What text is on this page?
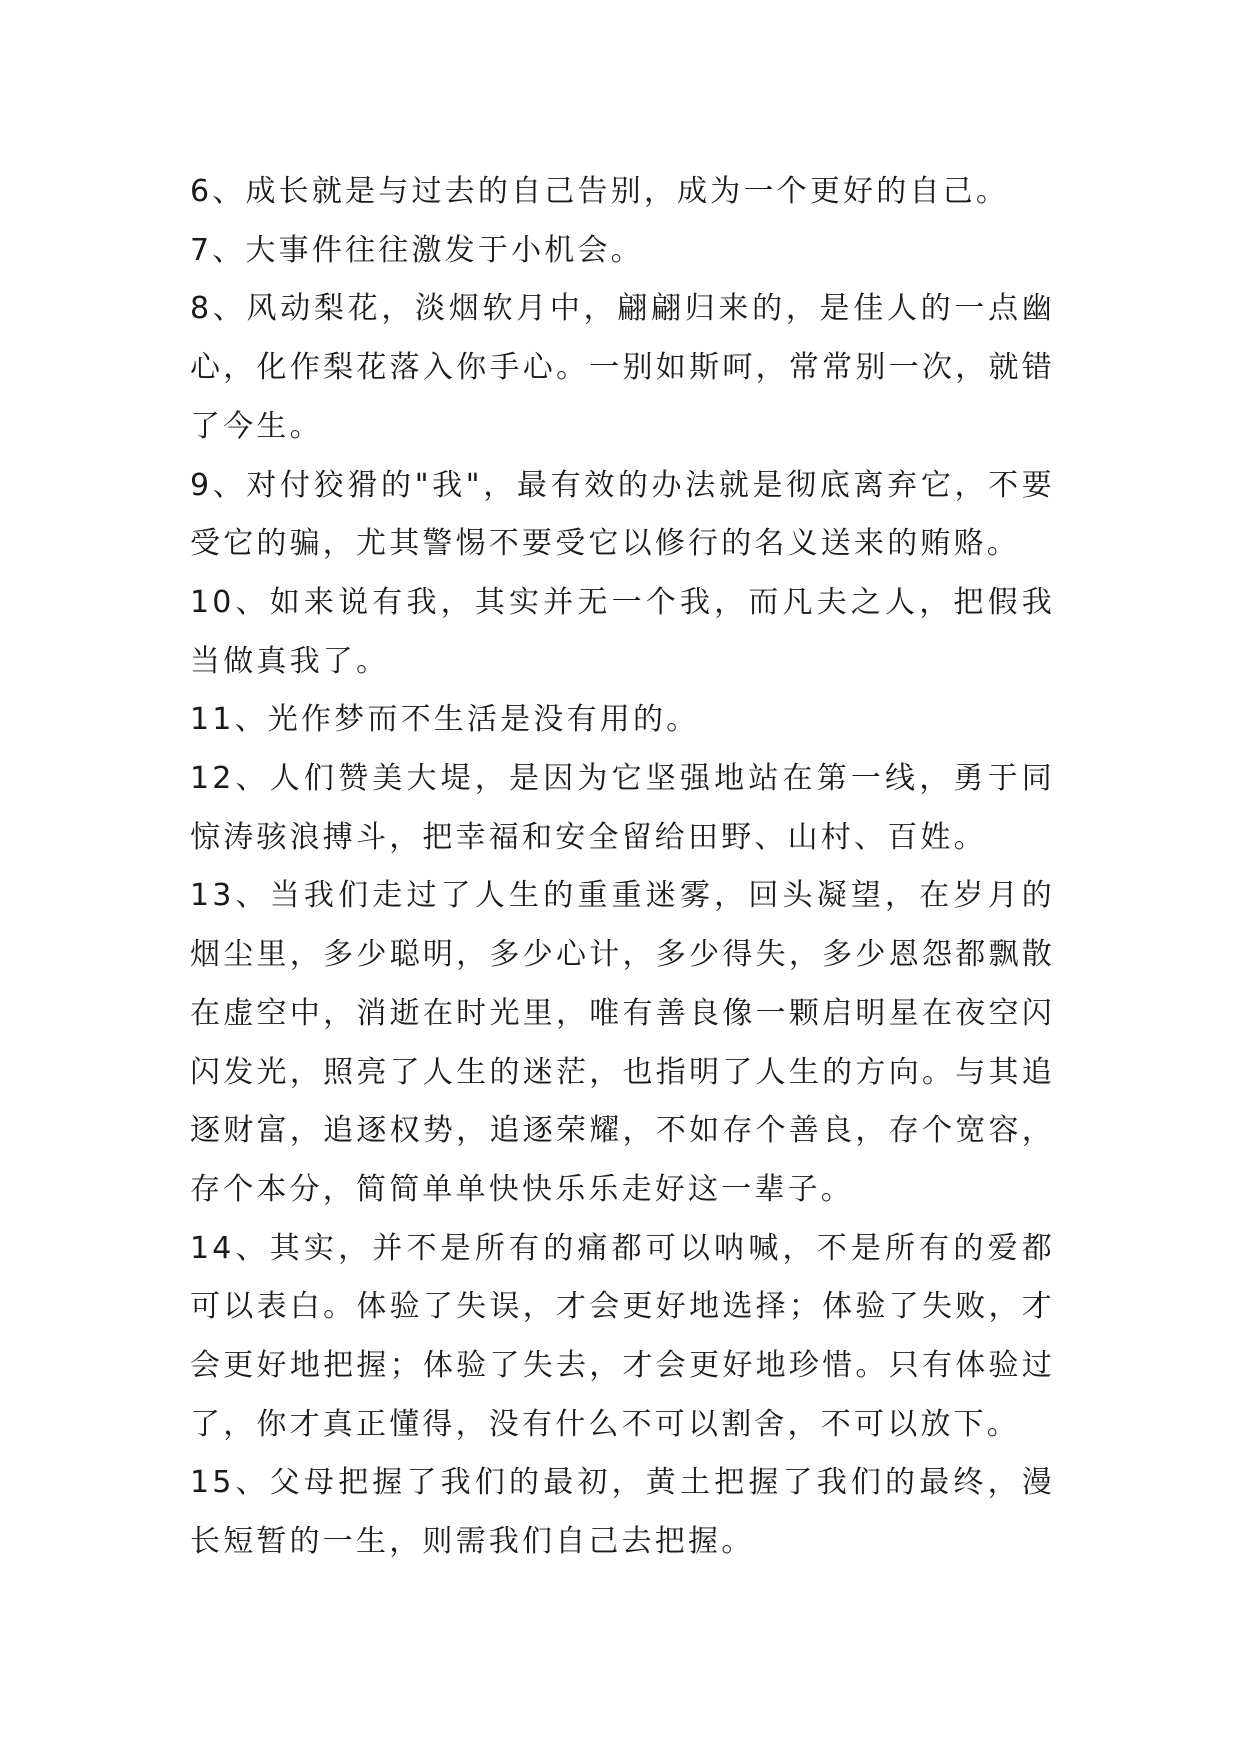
6、成长就是与过去的自己告别，成为一个更好的自己。

7、大事件往往激发于小机会。

8、风动梨花，淡烟软月中，翩翩归来的，是佳人的一点幽心，化作梨花落入你手心。一别如斯呵，常常别一次，就错了今生。

9、对付狡猾的"我"，最有效的办法就是彻底离弃它，不要受它的骗，尤其警惕不要受它以修行的名义送来的贿赂。

10、如来说有我，其实并无一个我，而凡夫之人，把假我当做真我了。

11、光作梦而不生活是没有用的。

12、人们赞美大堤，是因为它坚强地站在第一线，勇于同惊涛骇浪搏斗，把幸福和安全留给田野、山村、百姓。

13、当我们走过了人生的重重迷雾，回头凝望，在岁月的烟尘里，多少聪明，多少心计，多少得失，多少恩怨都飘散在虚空中，消逝在时光里，唯有善良像一颗启明星在夜空闪闪发光，照亮了人生的迷茫，也指明了人生的方向。与其追逐财富，追逐权势，追逐荣耀，不如存个善良，存个宽容，存个本分，简简单单快快乐乐走好这一辈子。

14、其实，并不是所有的痛都可以呐喊，不是所有的爱都可以表白。体验了失误，才会更好地选择；体验了失败，才会更好地把握；体验了失去，才会更好地珍惜。只有体验过了，你才真正懂得，没有什么不可以割舍，不可以放下。

15、父母把握了我们的最初，黄土把握了我们的最终，漫长短暂的一生，则需我们自己去把握。
